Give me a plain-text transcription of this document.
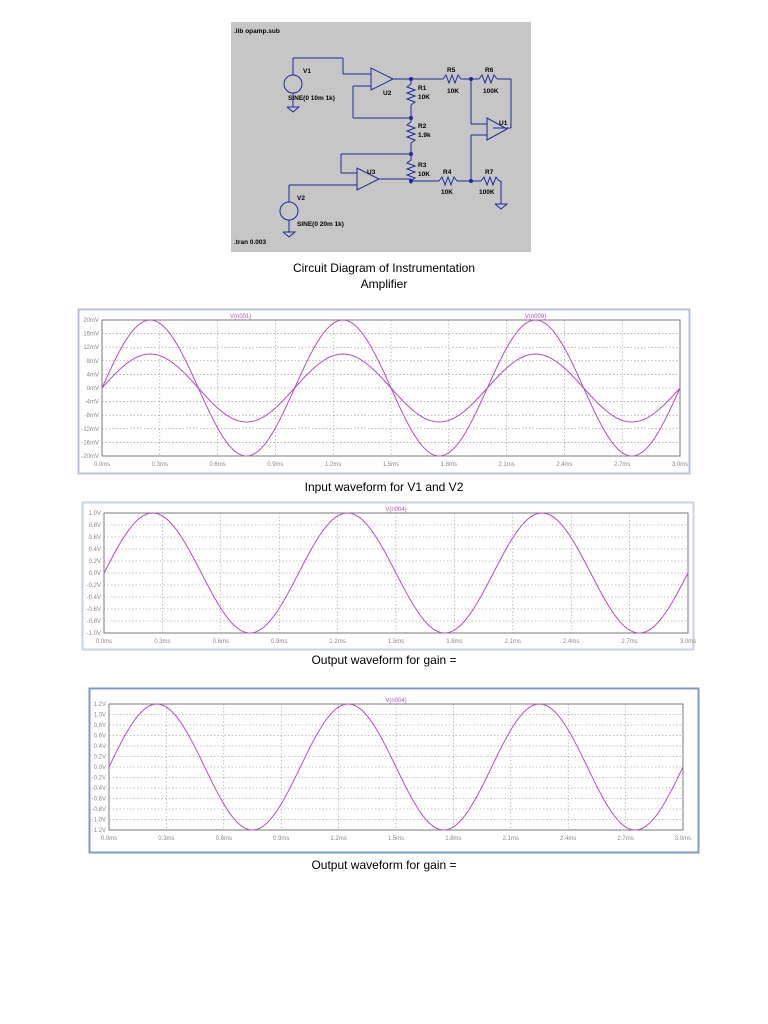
.lib opamp.sub
.tran 0.003
V1
SINE(0 10m 1k)
V2
SINE(0 20m 1k)
U2
U3
U1
R1
10K
R2
1.9k
R3
10K R4
10K
R5
10K
R6
100K
R7
100K
Circuit Diagram of Instrumentation
Amplifier
0.0ms	0.3ms	0.6ms	0.9ms	1.2ms	1.5ms	1.8ms	2.1ms	2.4ms	2.7ms	3.0ms
20mV
16mV
12mV
8mV
4mV
0mV
-4mV
-8mV
-12mV
-16mV
-20mV
V(n001)	V(n009)
Input waveform for V1 and V2
0.0ms	0.3ms	0.6ms	0.9ms	1.2ms	1.5ms	1.8ms	2.1ms	2.4ms	2.7ms	3.0ms
1.0V
0.8V
0.6V
0.4V
0.2V
0.0V
-0.2V
-0.4V
-0.6V
-0.8V
-1.0V
V(n004)
Output waveform for gain =
0.0ms	0.3ms	0.6ms	0.9ms	1.2ms	1.5ms	1.8ms	2.1ms	2.4ms	2.7ms	3.0ms
1.2V
1.0V
0.8V
0.6V
0.4V
0.2V
0.0V
-0.2V
-0.4V
-0.6V
-0.8V
-1.0V
-1.2V
V(n004)
Output waveform for gain =
